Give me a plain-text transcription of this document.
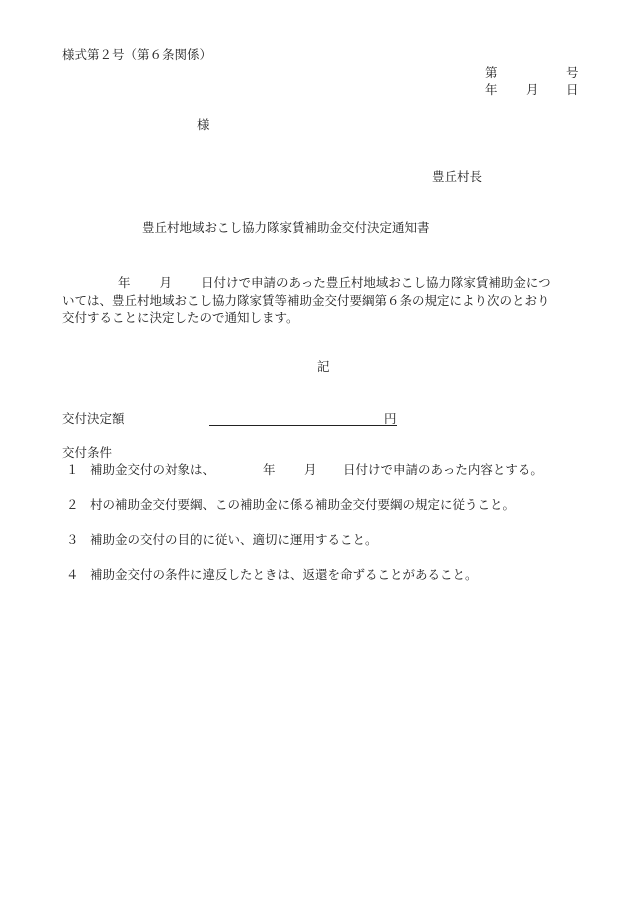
様式第２号（第６条関係）
第	号
年 月 日
様
豊丘村長
豊丘村地域おこし協力隊家賃補助金交付決定通知書
年 月 日付けで申請のあった豊丘村地域おこし協力隊家賃補助金につ
いては、豊丘村地域おこし協力隊家賃等補助金交付要綱第６条の規定により次のとおり
交付することに決定したので通知します。
記
交付決定額	円
交付条件
１ 補助金交付の対象は、	年 月 日付けで申請のあった内容とする。
２ 村の補助金交付要綱、この補助金に係る補助金交付要綱の規定に従うこと。
３ 補助金の交付の目的に従い、適切に運用すること。
４ 補助金交付の条件に違反したときは、返還を命ずることがあること。
